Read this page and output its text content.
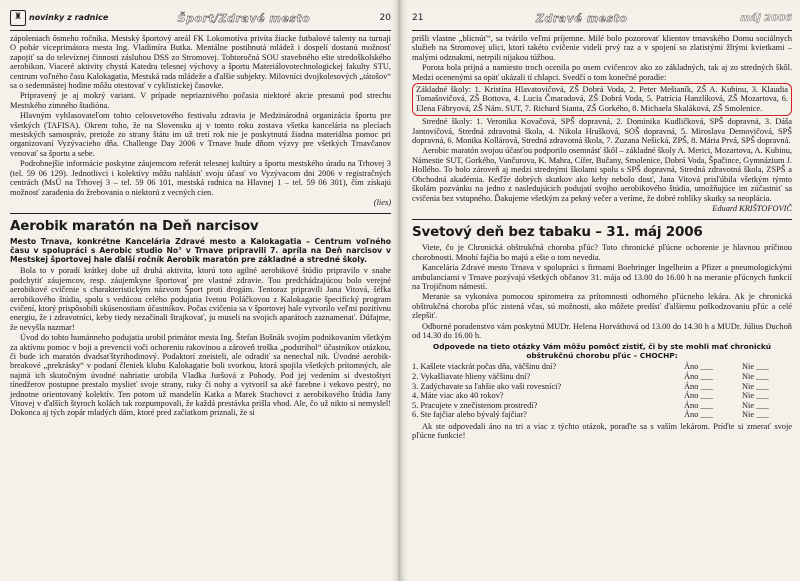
♜ novinky z radnice	Šport/Zdravé mesto	20

zápoleniach ôsmeho ročníka. Mestský športový areál FK Lokomotíva privíta žiacke futbalové talenty na turnaji O pohár viceprimátora mesta Ing. Vladimíra Butka. Mentálne postihnutá mládež i dospelí dostanú možnosť zapojiť sa do televíznej činnosti zásluhou DSS zo Stromovej. Tohtoročná SOU stavebného ešte stredoškolského aerobikon. Viaceré aktivity chystá Katedra telesnej výchovy a športu Materiálovotechnologickej fakulty STU, centrum voľného času Kalokagatia, Mestská rada mládeže a ďalšie subjekty. Milovníci dvojkolesových „tátošov“ sa o sedemnástej hodine môžu otestovať v cyklistickej časovke.

Pripravený je aj mokrý variant. V prípade nepriaznivého počasia niektoré akcie presunú pod strechu Mestského zimného štadióna.

Hlavným vyhlasovateľom tohto celosvetového festivalu zdravia je Medzinárodná organizácia športu pre všetkých (TAFISA). Okrem toho, že na Slovensku aj v tomto roku zostava všetka kancelária na plecíach mestských samospráv, pretože zo strany štátu im už tretí rok nie je poskytnutá žiadna materiálna pomoc pri organizovaní Vyzývacieho dňa. Challenge Day 2006 v Trnave bude dňom výzvy pre všetkých Trnavčanov venovať sa športu a sebe.

Podrobnejšie informácie poskytne záujemcom referát telesnej kultúry a športu mestského úradu na Trhovej 3 (tel. 59 06 129). Jednotlivci i kolektívy môžu nahlásiť svoju účasť vo Vyzývacom dni 2006 v registračných centrách (MsÚ na Trhovej 3 – tel. 59 06 101, mestská radnica na Hlavnej 1 – tel. 59 06 301), čím získajú možnosť zaradenia do žrebovania o niektorú z vecných cien.

(lies)
Aerobik maratón na Deň narcisov
Mesto Trnava, konkrétne Kancelária Zdravé mesto a Kalokagatia – Centrum voľného času v spolupráci s Aerobic studio No° v Trnave pripravili 7. apríla na Deň narcisov v Mestskej športovej hale ďalší ročník Aerobik maratón pre základné a stredné školy.

Bola to v poradí krátkej dobe už druhá aktivita, ktorú toto agilné aerobikové štúdio pripravilo v snahe podchytiť záujemcov, resp. záujemkyne športovať pre vlastné zdravie. Tou predchádzajúcou bolo verejné aerobikové cvičenie s charakteristickým názvom Šport proti drogám. Tentoraz pripravili Jana Vitová, šéfka aerobikového štúdia, spolu s vedúcou celého podujatia Ivetou Poláčkovou z Kalokagatie špecifický program cvičení, ktorý prispôsobili skúsenostiam účastníkov. Počas cvičenia sa v športovej hale vytvorilo veľmi pozitívnu energiu, že i zdravotníci, keby tiedy nezačínali štrajkovať, ju museli na svojich aparátoch zaznamenať. Dúfajme, že nevyšla nazmar!

Úvod do tohto humánneho podujatia urobil primátor mesta Ing. Štefan Bošnák svojím podnikovaním všetkým za aktívnu pomoc v boji a prevencii voči ochoreniu rakovinou a zároveň troška „podstrihol“ účastníkov otázkou, či bude ich maratón dvadsaťštyrihodinový. Podaktorí zneisteli, ale odradiť sa nenechal nik. Úvodné aerobik-breakové „prekrásky“ v podaní členiek klubu Kalokagatie boli svorkou, ktorá spojila všetkých prítomných, ale najmä ich skutočným úvodné nahriatie urobila Vladka Juršová z Pohody. Pod jej vedením si dvestoštyri tínedžerov postupne prestalo myslieť svoje strany, ruky či nohy a vytvoril sa aké farebne i vekovo pestrý, no jednotne orientovaný kolektív. Ten potom už mandelín Katka a Marek Stachovci z aerobikového štúdia Jany Vitovej v ďalších štyroch kolách tak rozpumpovali, že každá prestávka prišla vhod. Ale, čo už nikto si nemyslel! Dokonca aj tých zopár mladých dám, ktoré pred začiatkom priznali, že si

21	Zdravé mesto	máj 2006

prišli vlastne „blicnúť“, sa tvárilo veľmi príjemne. Milé bolo pozorovať klientov trnavského Domu sociálnych služieb na Stromovej ulici, ktorí takéto cvičenie videli prvý raz a v spojení so zlatistými žltými kvietkami – malými odznakmi, netrpili nijakou túžbou.

Porota bola prijná a namiesto troch ocenila po osem cvičencov ako zo základných, tak aj zo stredných škôl. Medzi ocenenými sa opäť ukázali tí chlapci. Svedčí o tom konečné poradie:

Základné školy: 1. Kristína Hlavatovičová, ZŠ Dobrá Voda, 2. Peter Meštaník, ZŠ A. Kubinu, 3. Klaudia Tomašovičová, ZŠ Bottova, 4. Lucia Čmaradová, ZŠ Dobrá Voda, 5. Patrícia Hanzlíková, ZŠ Mozartova, 6. Elena Fábryová, ZŠ Nám. SUT, 7. Richard Sianta, ZŠ Gorkého, 8. Michaela Skaláková, ZŠ Smolenice.

Stredné školy: 1. Veronika Kovačová, SPŠ dopravná, 2. Dominika Kudličková, SPŠ dopravná, 3. Dáša Jantovičová, Stredná zdravotná škola, 4. Nikola Hrušková, SOŠ dopravná, 5. Miroslava Demovičová, SPŠ dopravná, 6. Monika Kollárová, Stredná zdravotná škola, 7. Zuzana Nešická, ZPŠ, 8. Mária Prvá, SPŠ dopravná.

Aerobic maratón svojou účasťou podporilo osemnásť škôl – základné školy A. Merici, Mozartova, A. Kubinu, Námestie SUT, Gorkého, Vančurova, K. Mahra, Cífer, Bučany, Smolenice, Dobrá Voda, Špačince, Gymnázium J. Hollého. To bolo zároveň aj medzi strednými školami spolu s SPŠ dopravná, Stredná zdravotná škola, ZSPŠ a Obchodná akadémia. Keďže dobrých skutkov ako keby nebolo dosť, Jana Vitová prisľúbila všetkým týmto školám pozvánku na jedno z nasledujúcich podujatí svojho aerobikového štúdia, umožňujúce im zúčastniť sa cvičenia bez vstupného. Ďakujeme všetkým za pekný večer a veríme, že dobré rohlíky skutky sa neoplácia.

Eduard KRIŠTOFOVIČ
Svetový deň bez tabaku – 31. máj 2006

Viete, čo je Chronická obštrukčná choroba pľúc? Toto chronické pľúcne ochorenie je hlavnou príčinou chorobnosti. Mnohí fajčia bo majú a ešte o tom nevedia.

Kancelária Zdravé mesto Trnava v spolupráci s firmami Boehringer Ingelheim a Pfizer a pneumologickými ambulanciami v Trnave pozývajú všetkých občanov 31. mája od 13.00 do 16.00 h na meranie pľúcnych funkcií na Trojičnom námestí.

Meranie sa vykonáva pomocou spirometra za prítomnosti odborného pľúcneho lekára. Ak je chronická obštrukčná choroba pľúc zistená včas, sú možnosti, ako môžete predísť ďalšiemu poškodzovaniu pľúc a celé zlepšiť.

Odborné poradenstvo vám poskytnú MUDr. Helena Horváthová od 13.00 do 14.30 h a MUDr. Július Duchoň od 14.30 do 16.00 h.

Odpovede na tieto otázky Vám môžu pomôcť zistiť, či by ste mohli mať chronickú obštrukčnú chorobu pľúc – CHOCHP:
1. Kašlete viackrát počas dňa, väčšinu dní?	Áno ___	Nie ___
2. Vykašliavate hlieny väčšinu dní?	Áno ___	Nie ___
3. Zadýchavate sa ľahšie ako vaši rovesníci?	Áno ___	Nie ___
4. Máte viac ako 40 rokov?	Áno ___	Nie ___
5. Pracujete v znečistenom prostredí?	Áno ___	Nie ___
6. Ste fajčiar alebo bývalý fajčiar?	Áno ___	Nie ___

Ak ste odpovedali áno na tri a viac z týchto otázok, poraďte sa s vaším lekárom. Príďte si zmerať svoje pľúcne funkcie!
